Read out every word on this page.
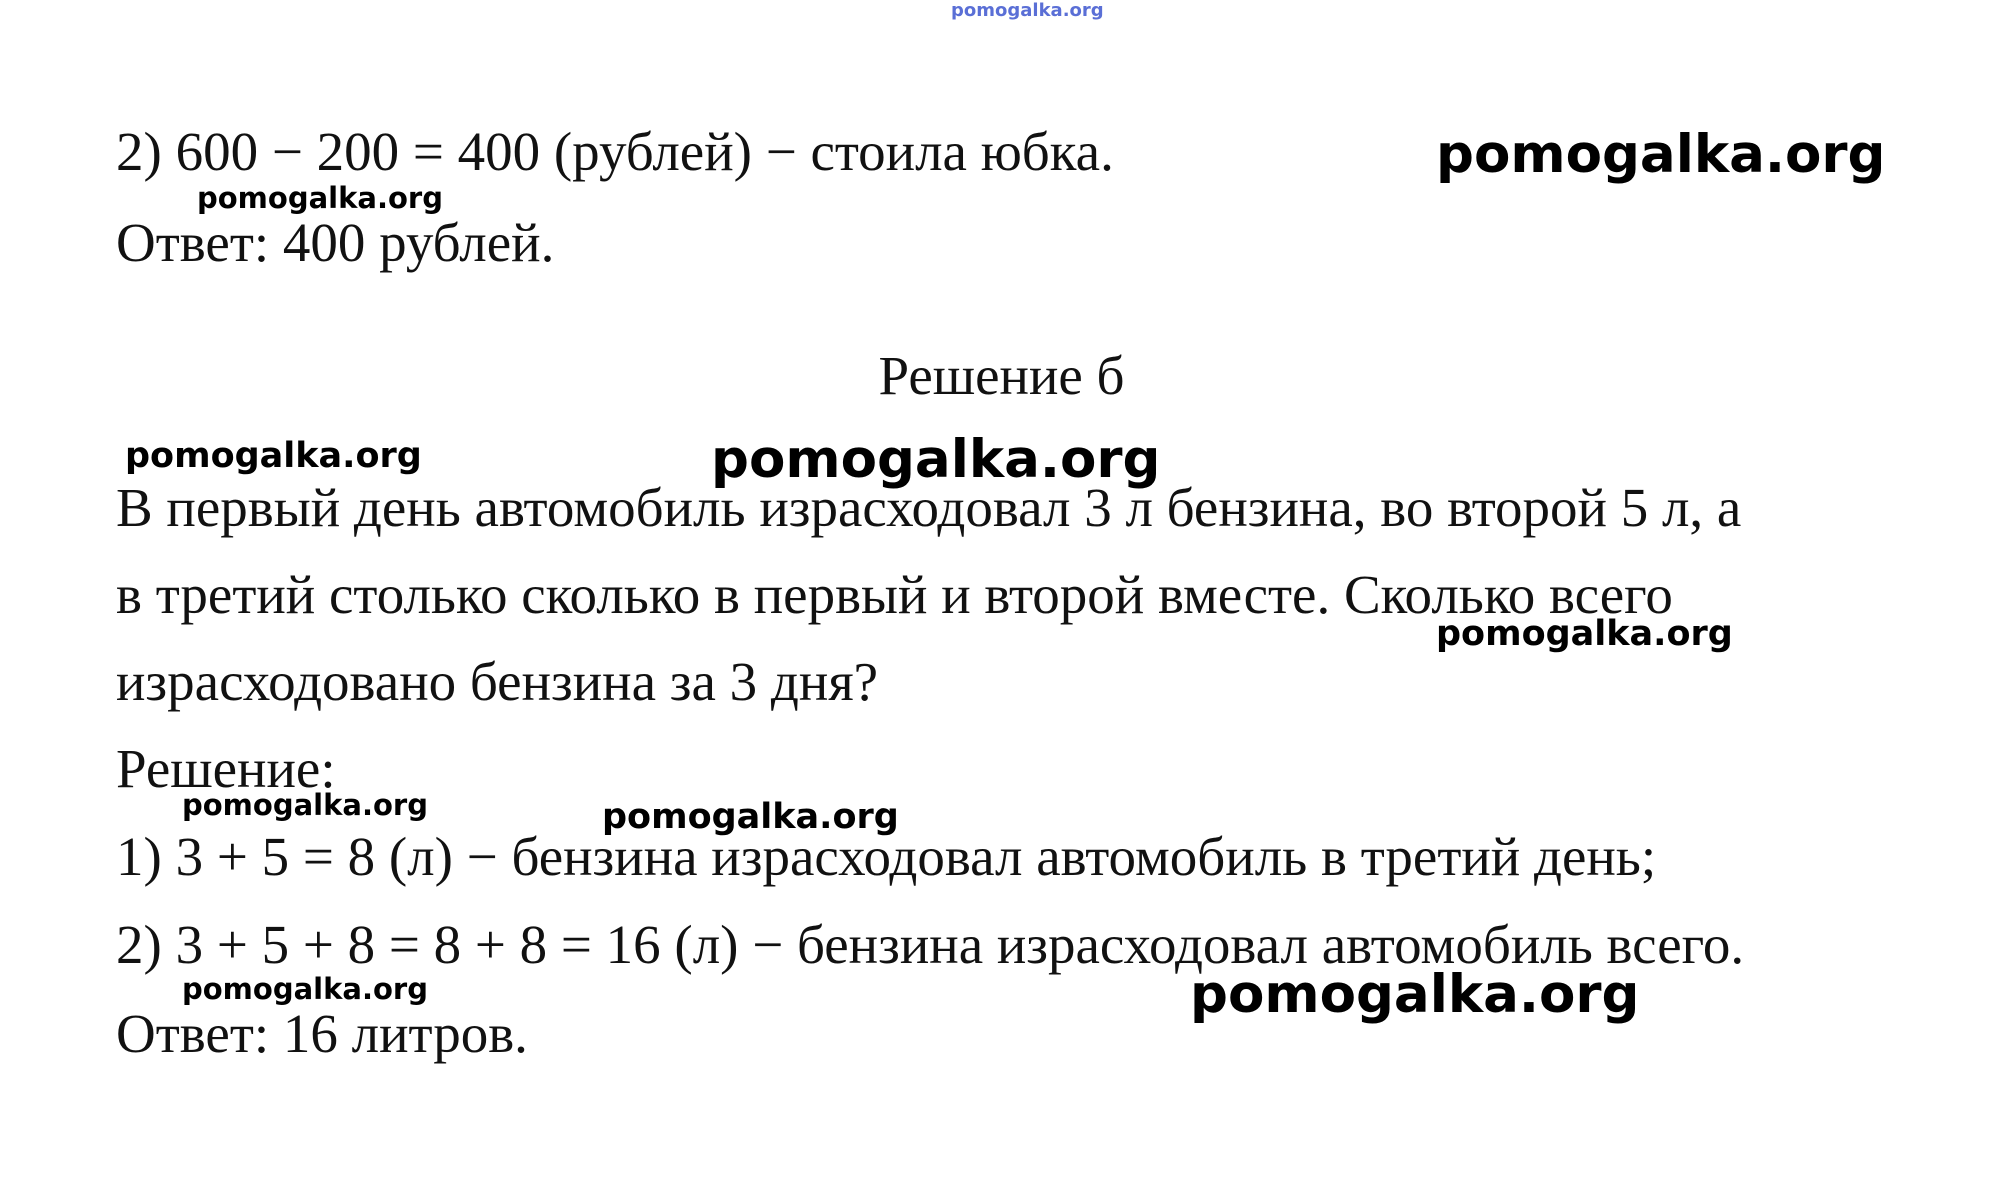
pomogalka.org
2) 600 − 200 = 400 (рублей) − стоила юбка.
Ответ: 400 рублей.
Решение б
В первый день автомобиль израсходовал 3 л бензина, во второй 5 л, а
в третий столько сколько в первый и второй вместе. Сколько всего
израсходовано бензина за 3 дня?
Решение:
1) 3 + 5 = 8 (л) − бензина израсходовал автомобиль в третий день;
2) 3 + 5 + 8 = 8 + 8 = 16 (л) − бензина израсходовал автомобиль всего.
Ответ: 16 литров.
pomogalka.org
pomogalka.org
pomogalka.org	pomogalka.org
pomogalka.org
pomogalka.org	pomogalka.org
pomogalka.org	pomogalka.org
